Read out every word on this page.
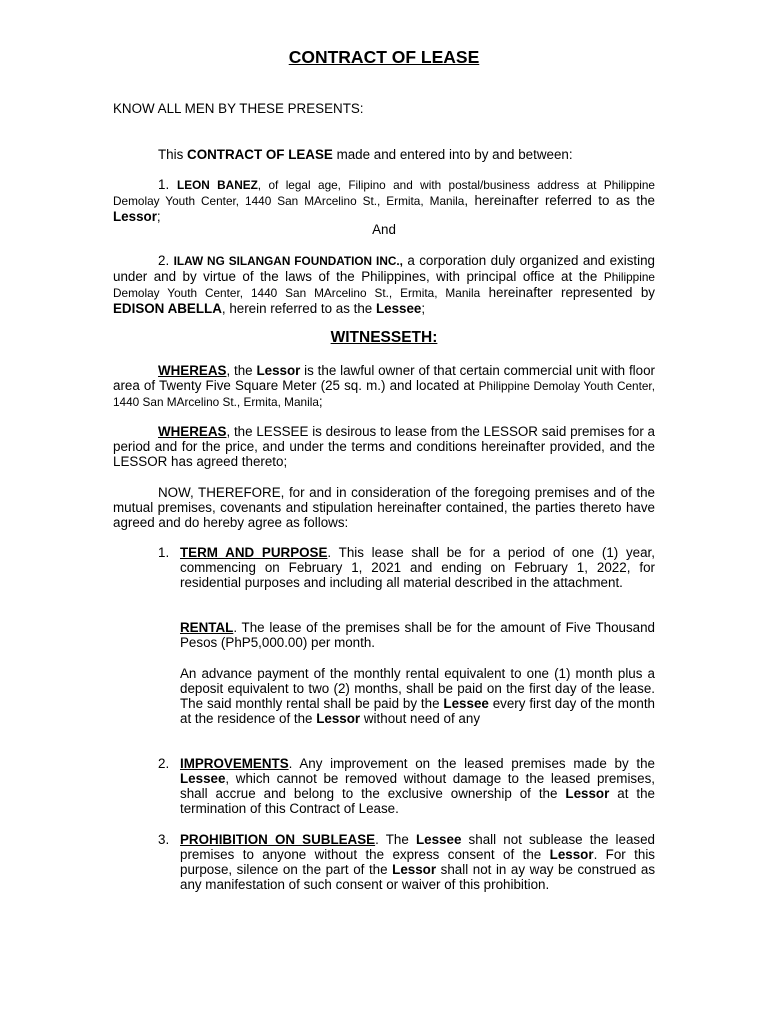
CONTRACT OF LEASE

KNOW ALL MEN BY THESE PRESENTS:

This CONTRACT OF LEASE made and entered into by and between:

1. LEON BANEZ, of legal age, Filipino and with postal/business address at Philippine Demolay Youth Center, 1440 San MArcelino St., Ermita, Manila, hereinafter referred to as the Lessor;

And

2. ILAW NG SILANGAN FOUNDATION INC., a corporation duly organized and existing under and by virtue of the laws of the Philippines, with principal office at the Philippine Demolay Youth Center, 1440 San MArcelino St., Ermita, Manila hereinafter represented by EDISON ABELLA, herein referred to as the Lessee;

WITNESSETH:

WHEREAS, the Lessor is the lawful owner of that certain commercial unit with floor area of Twenty Five Square Meter (25 sq. m.) and located at Philippine Demolay Youth Center, 1440 San MArcelino St., Ermita, Manila;

WHEREAS, the LESSEE is desirous to lease from the LESSOR said premises for a period and for the price, and under the terms and conditions hereinafter provided, and the LESSOR has agreed thereto;

NOW, THEREFORE, for and in consideration of the foregoing premises and of the mutual premises, covenants and stipulation hereinafter contained, the parties thereto have agreed and do hereby agree as follows:

1. TERM AND PURPOSE. This lease shall be for a period of one (1) year, commencing on February 1, 2021 and ending on February 1, 2022, for residential purposes and including all material described in the attachment.

RENTAL. The lease of the premises shall be for the amount of Five Thousand Pesos (PhP5,000.00) per month.

An advance payment of the monthly rental equivalent to one (1) month plus a deposit equivalent to two (2) months, shall be paid on the first day of the lease. The said monthly rental shall be paid by the Lessee every first day of the month at the residence of the Lessor without need of any

2. IMPROVEMENTS. Any improvement on the leased premises made by the Lessee, which cannot be removed without damage to the leased premises, shall accrue and belong to the exclusive ownership of the Lessor at the termination of this Contract of Lease.

3. PROHIBITION ON SUBLEASE. The Lessee shall not sublease the leased premises to anyone without the express consent of the Lessor. For this purpose, silence on the part of the Lessor shall not in ay way be construed as any manifestation of such consent or waiver of this prohibition.
